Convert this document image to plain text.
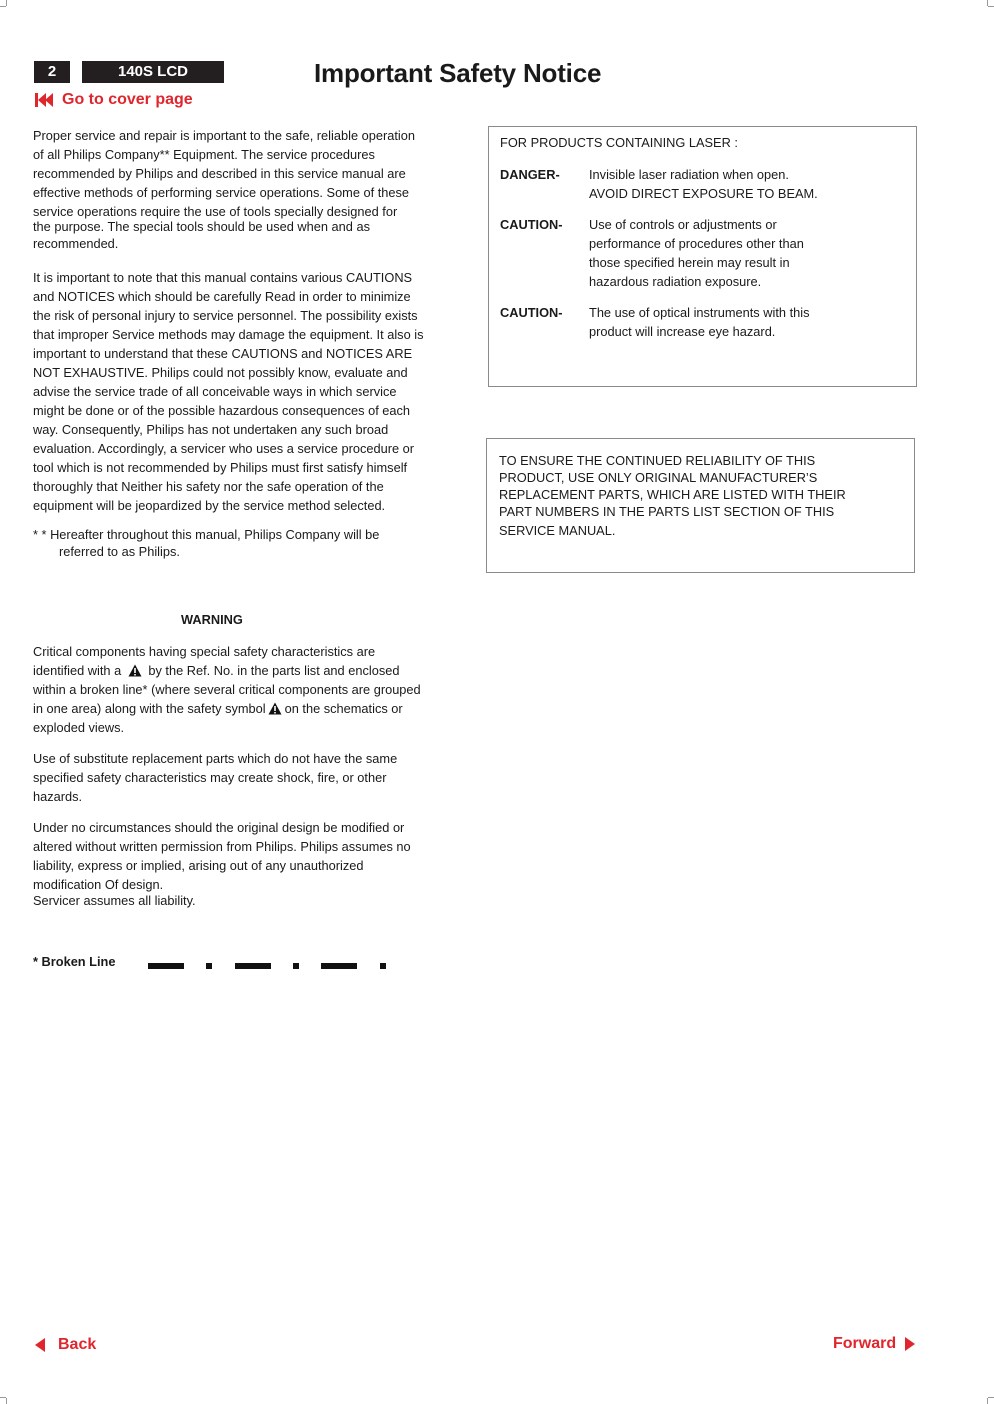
2	140S LCD	Important Safety Notice
Go to cover page

Proper service and repair is important to the safe, reliable operation

of all Philips Company** Equipment. The service procedures

recommended by Philips and described in this service manual are

effective methods of performing service operations. Some of these

service operations require the use of tools specially designed for

the purpose. The special tools should be used when and as

recommended.

It is important to note that this manual contains various CAUTIONS

and NOTICES which should be carefully Read in order to minimize

the risk of personal injury to service personnel. The possibility exists

that improper Service methods may damage the equipment. It also is

important to understand that these CAUTIONS and NOTICES ARE

NOT EXHAUSTIVE. Philips could not possibly know, evaluate and

advise the service trade of all conceivable ways in which service

might be done or of the possible hazardous consequences of each

way. Consequently, Philips has not undertaken any such broad

evaluation. Accordingly, a servicer who uses a service procedure or

tool which is not recommended by Philips must first satisfy himself

thoroughly that Neither his safety nor the safe operation of the

equipment will be jeopardized by the service method selected.

* * Hereafter throughout this manual, Philips Company will be

referred to as Philips.

WARNING

Critical components having special safety characteristics are

identified with a by the Ref. No. in the parts list and enclosed

within a broken line* (where several critical components are grouped

in one area) along with the safety symbol on the schematics or

exploded views.

Use of substitute replacement parts which do not have the same

specified safety characteristics may create shock, fire, or other

hazards.

Under no circumstances should the original design be modified or

altered without written permission from Philips. Philips assumes no

liability, express or implied, arising out of any unauthorized

modification Of design.

Servicer assumes all liability.

* Broken Line
FOR PRODUCTS CONTAINING LASER :
DANGER- Invisible laser radiation when open.
AVOID DIRECT EXPOSURE TO BEAM.
CAUTION- Use of controls or adjustments or
performance of procedures other than
those specified herein may result in
hazardous radiation exposure.
CAUTION- The use of optical instruments with this
product will increase eye hazard.
TO ENSURE THE CONTINUED RELIABILITY OF THIS
PRODUCT, USE ONLY ORIGINAL MANUFACTURER’S
REPLACEMENT PARTS, WHICH ARE LISTED WITH THEIR
PART NUMBERS IN THE PARTS LIST SECTION OF THIS
SERVICE MANUAL.
Back	Forward
